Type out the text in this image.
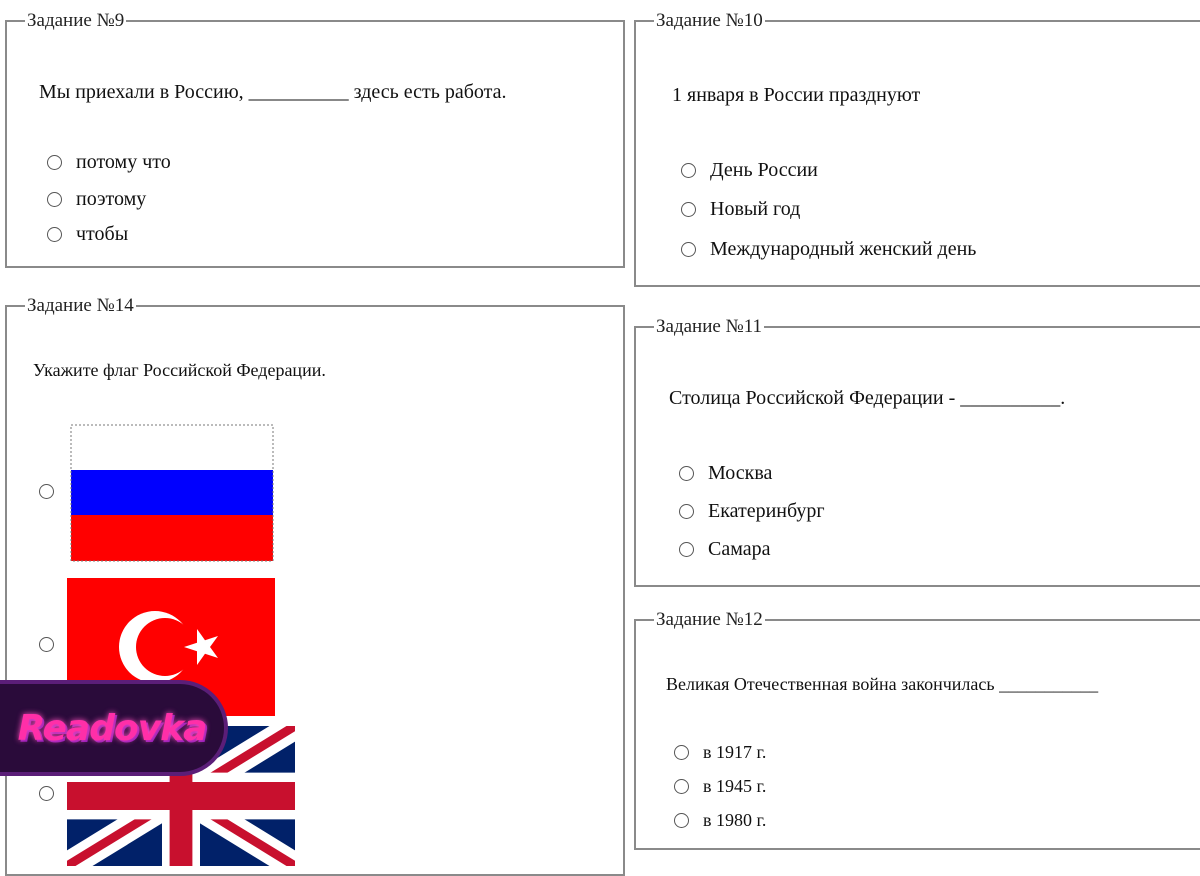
Задание №9
Мы приехали в Россию, __________ здесь есть работа.
потому что
поэтому
чтобы
Задание №10
1 января в России празднуют
День России
Новый год
Международный женский день
Задание №14
Укажите флаг Российской Федерации.
Задание №11
Столица Российской Федерации - __________.
Москва
Екатеринбург
Самара
Задание №12
Великая Отечественная война закончилась ___________
в 1917 г.
в 1945 г.
в 1980 г.
Readovka
